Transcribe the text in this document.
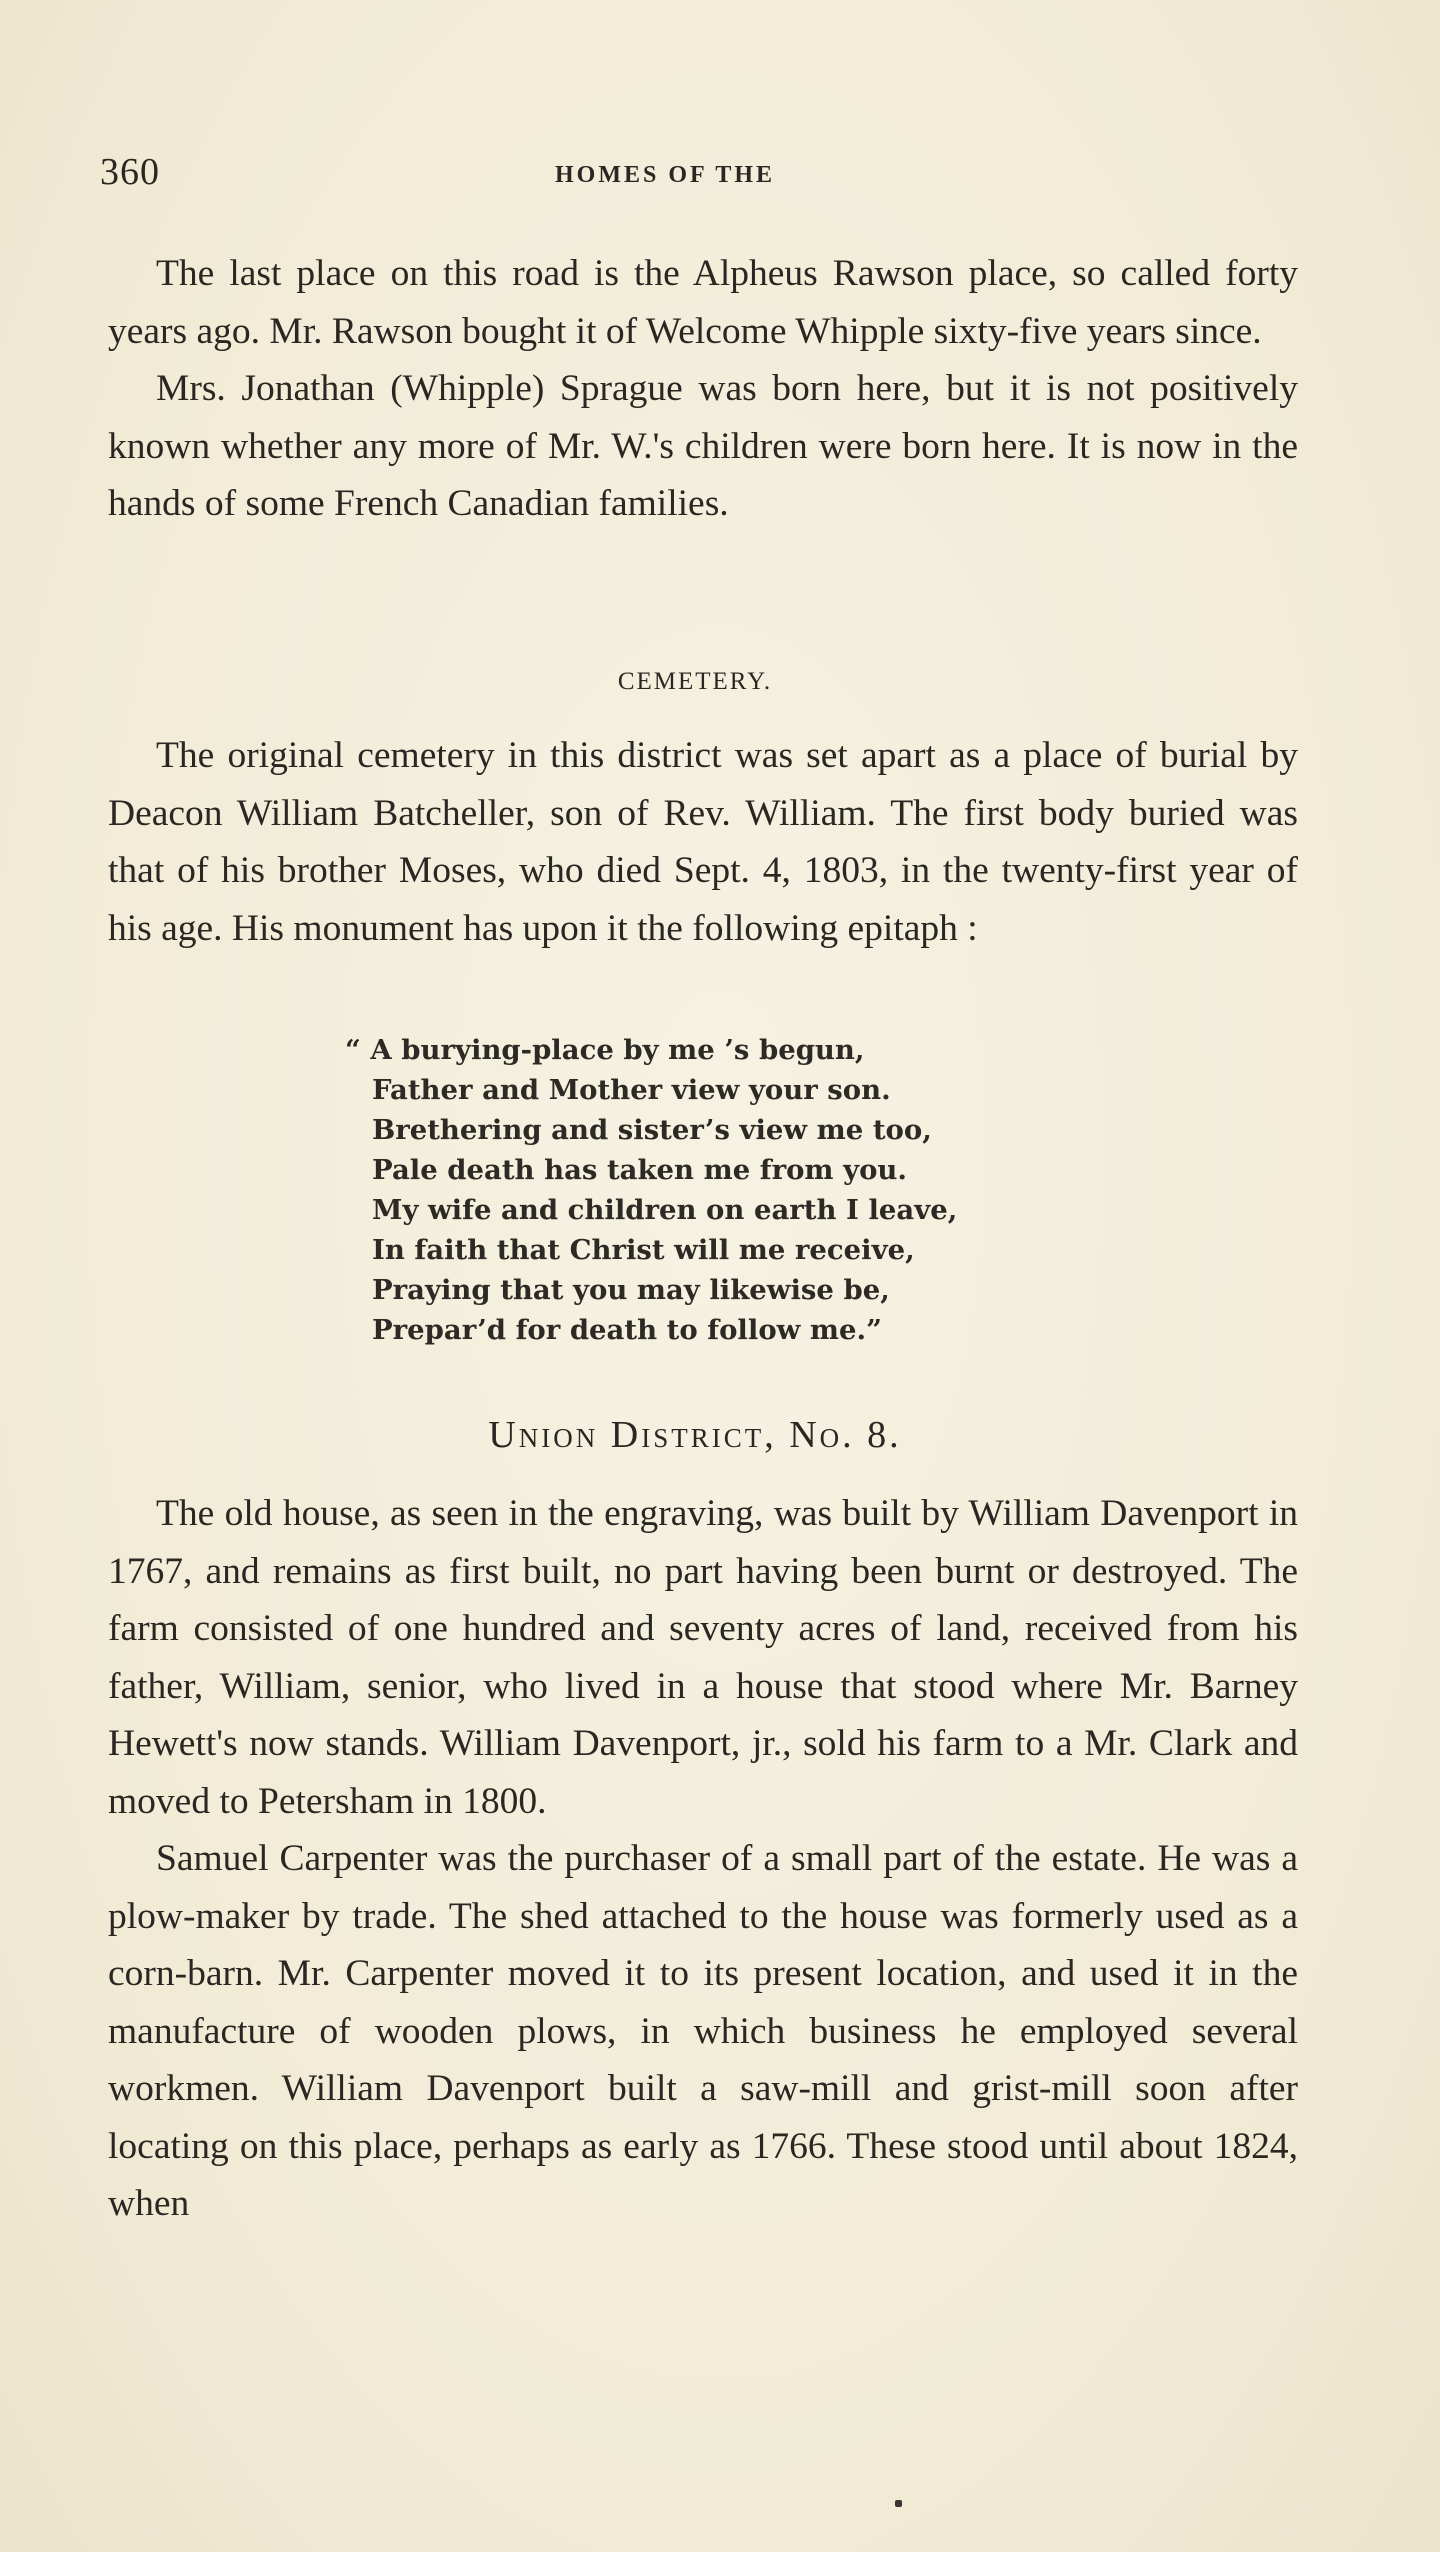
360	HOMES OF THE

The last place on this road is the Alpheus Rawson place, so called forty years ago. Mr. Rawson bought it of Welcome Whipple sixty-five years since.

Mrs. Jonathan (Whipple) Sprague was born here, but it is not positively known whether any more of Mr. W.'s children were born here. It is now in the hands of some French Canadian families.

CEMETERY.

The original cemetery in this district was set apart as a place of burial by Deacon William Batcheller, son of Rev. William. The first body buried was that of his brother Moses, who died Sept. 4, 1803, in the twenty-first year of his age. His monument has upon it the following epitaph :

“ A burying-place by me ’s begun,
Father and Mother view your son.
Brethering and sister’s view me too,
Pale death has taken me from you.
My wife and children on earth I leave,
In faith that Christ will me receive,
Praying that you may likewise be,
Prepar’d for death to follow me.”
Union District, No. 8.

The old house, as seen in the engraving, was built by William Davenport in 1767, and remains as first built, no part having been burnt or destroyed. The farm consisted of one hundred and seventy acres of land, received from his father, William, senior, who lived in a house that stood where Mr. Barney Hewett's now stands. William Davenport, jr., sold his farm to a Mr. Clark and moved to Petersham in 1800.

Samuel Carpenter was the purchaser of a small part of the estate. He was a plow-maker by trade. The shed attached to the house was formerly used as a corn-barn. Mr. Carpenter moved it to its present location, and used it in the manufacture of wooden plows, in which business he employed several workmen. William Davenport built a saw-mill and grist-mill soon after locating on this place, perhaps as early as 1766. These stood until about 1824, when
